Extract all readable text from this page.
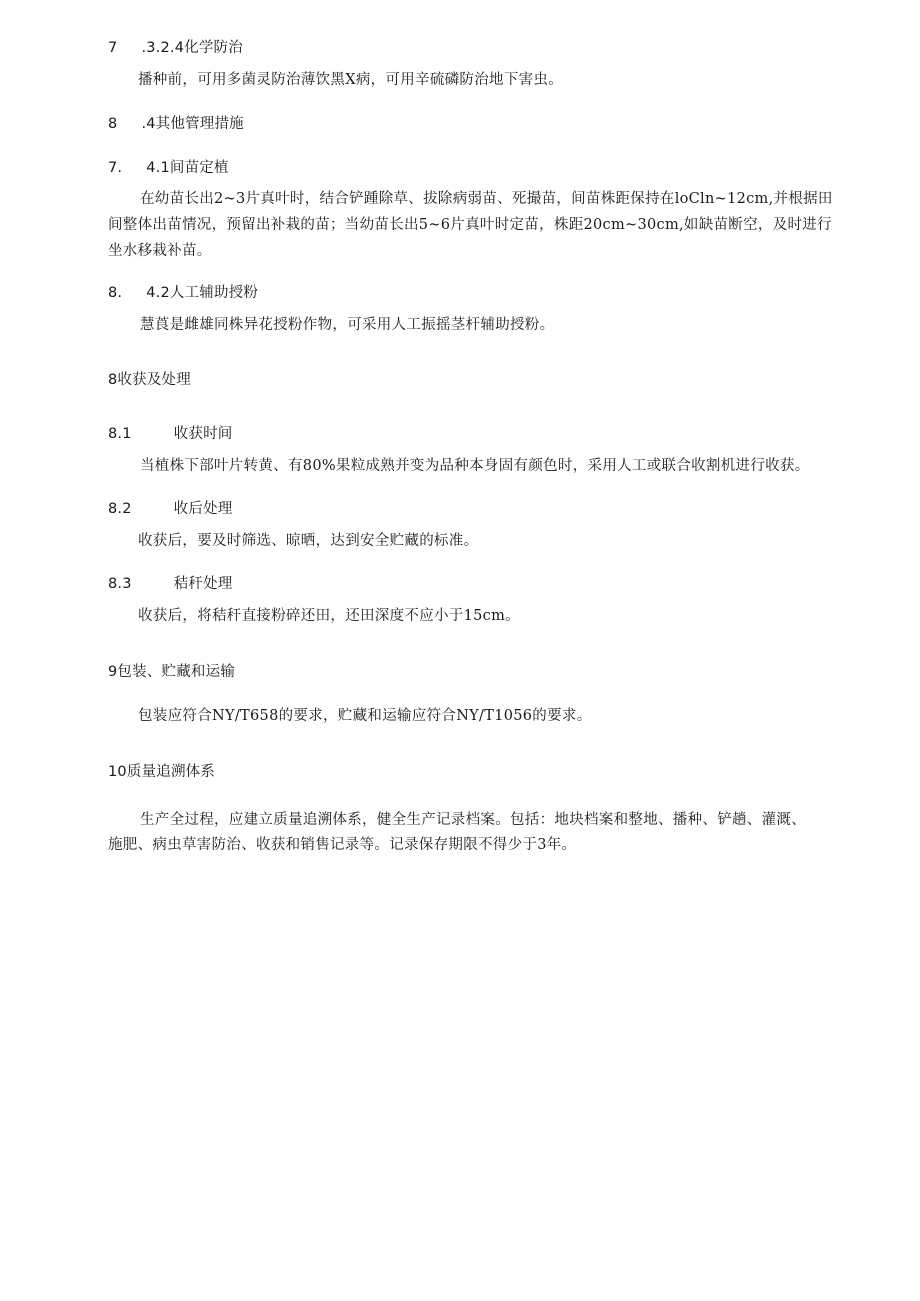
7 .3.2.4化学防治

播种前，可用多菌灵防治薄饮黑X病，可用辛硫磷防治地下害虫。

8 .4其他管理措施
7. 4.1间苗定植

在幼苗长出2~3片真叶时，结合铲踵除草、拔除病弱苗、死撮苗，间苗株距保持在loCln~12cm,并根据田

间整体出苗情况，预留出补栽的苗；当幼苗长出5~6片真叶时定苗，株距20cm~30cm,如缺苗断空，及时进行

坐水移栽补苗。

8. 4.2人工辅助授粉

慧莨是雌雄同株异花授粉作物，可采用人工振摇茎杆辅助授粉。

8收获及处理
8.1	收获时间

当植株下部叶片转黄、有80%果粒成熟并变为品种本身固有颜色时，采用人工或联合收割机进行收获。

8.2	收后处理

收获后，要及时筛选、晾晒，达到安全贮藏的标准。

8.3	秸秆处理

收获后，将秸秆直接粉碎还田，还田深度不应小于15cm。

9包装、贮藏和运输

包装应符合NY/T658的要求，贮藏和运输应符合NY/T1056的要求。

10质量追溯体系

生产全过程，应建立质量追溯体系，健全生产记录档案。包括：地块档案和整地、播种、铲趟、灌溉、

施肥、病虫草害防治、收获和销售记录等。记录保存期限不得少于3年。
